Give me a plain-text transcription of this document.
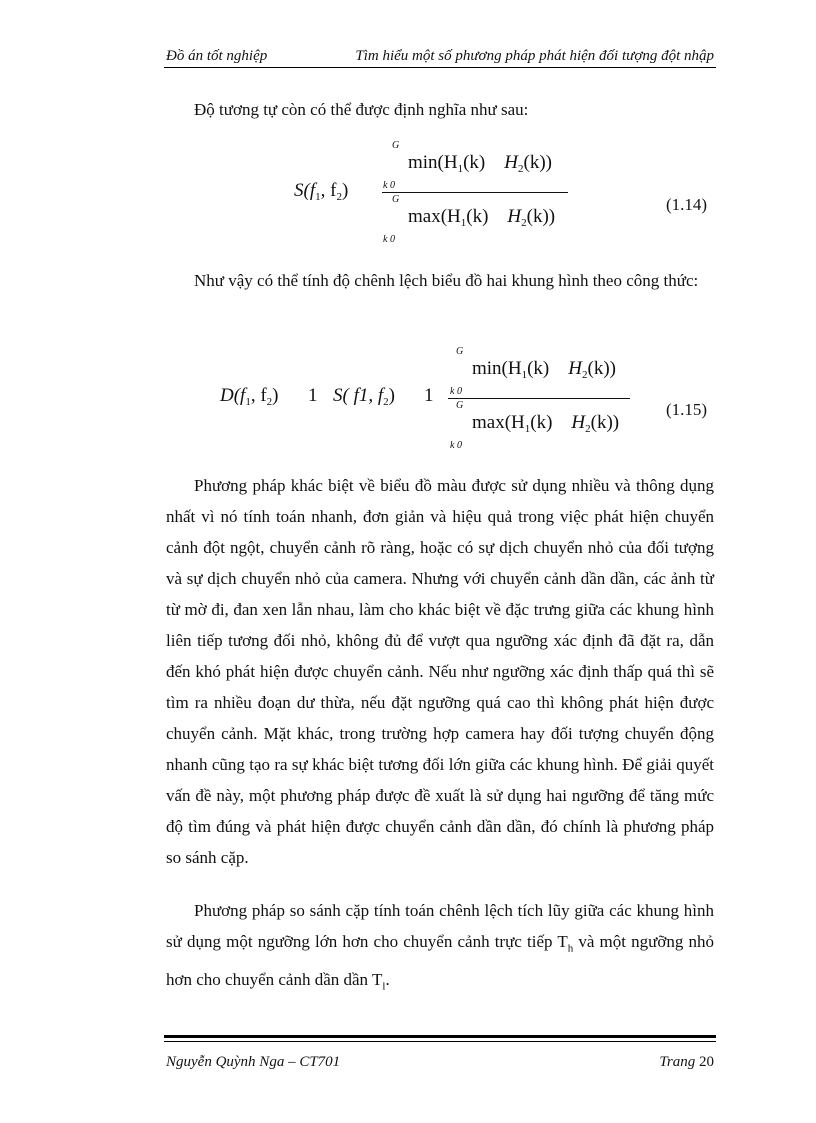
Đồ án tốt nghiệp	Tìm hiểu một số phương pháp phát hiện đối tượng đột nhập
Độ tương tự còn có thể được định nghĩa như sau:
$S(f_1$, $f_2$)
G
$\min(H_1(k)$ $H_2(k)$)
k 0
G
$\max(H_1(k)$ $H_2(k)$)
k 0
(1.14)
Như vậy có thể tính độ chênh lệch biểu đồ hai khung hình theo công thức:
$D(f_1$, $f_2$) 1 S( f1, $f_2$) 1
G
$\min(H_1(k)$ $H_2(k)$)
k 0
G
$\max(H_1(k)$ $H_2(k)$)
k 0
(1.15)
Phương pháp khác biệt về biểu đồ màu được sử dụng nhiều và thông dụng nhất vì nó tính toán nhanh, đơn giản và hiệu quả trong việc phát hiện chuyển cảnh đột ngột, chuyển cảnh rõ ràng, hoặc có sự dịch chuyển nhỏ của đối tượng và sự dịch chuyển nhỏ của camera. Nhưng với chuyển cảnh dần dần, các ảnh từ từ mờ đi, đan xen lẫn nhau, làm cho khác biệt về đặc trưng giữa các khung hình liên tiếp tương đối nhỏ, không đủ để vượt qua ngưỡng xác định đã đặt ra, dẫn đến khó phát hiện được chuyển cảnh. Nếu như ngưỡng xác định thấp quá thì sẽ tìm ra nhiều đoạn dư thừa, nếu đặt ngưỡng quá cao thì không phát hiện được chuyển cảnh. Mặt khác, trong trường hợp camera hay đối tượng chuyển động nhanh cũng tạo ra sự khác biệt tương đối lớn giữa các khung hình. Để giải quyết vấn đề này, một phương pháp được đề xuất là sử dụng hai ngưỡng để tăng mức độ tìm đúng và phát hiện được chuyển cảnh dần dần, đó chính là phương pháp so sánh cặp.
Phương pháp so sánh cặp tính toán chênh lệch tích lũy giữa các khung hình sử dụng một ngưỡng lớn hơn cho chuyển cảnh trực tiếp $T_h$ và một ngưỡng nhỏ hơn cho chuyển cảnh dần dần $T_l$.
Nguyễn Quỳnh Nga – CT701	Trang 20
